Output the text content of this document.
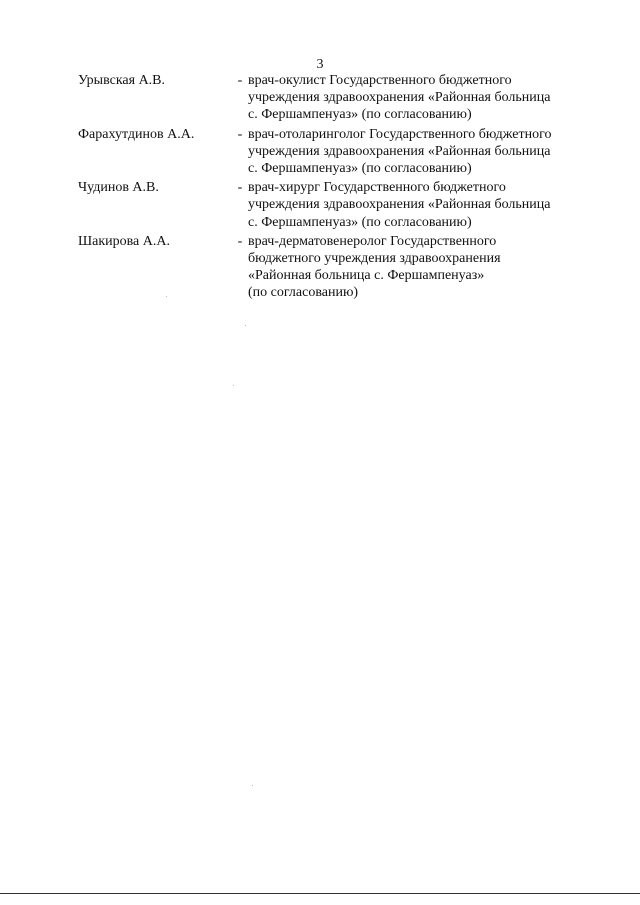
3
Урывская А.В.	- врач-окулист Государственного бюджетного
учреждения здравоохранения «Районная больница
с. Фершампенуаз» (по согласованию)
Фарахутдинов А.А.	- врач-отоларинголог Государственного бюджетного
учреждения здравоохранения «Районная больница
с. Фершампенуаз» (по согласованию)
Чудинов А.В.	- врач-хирург Государственного бюджетного
учреждения здравоохранения «Районная больница
с. Фершампенуаз» (по согласованию)
Шакирова А.А.	- врач-дерматовенеролог Государственного
бюджетного учреждения здравоохранения
«Районная больница с. Фершампенуаз»
(по согласованию)
